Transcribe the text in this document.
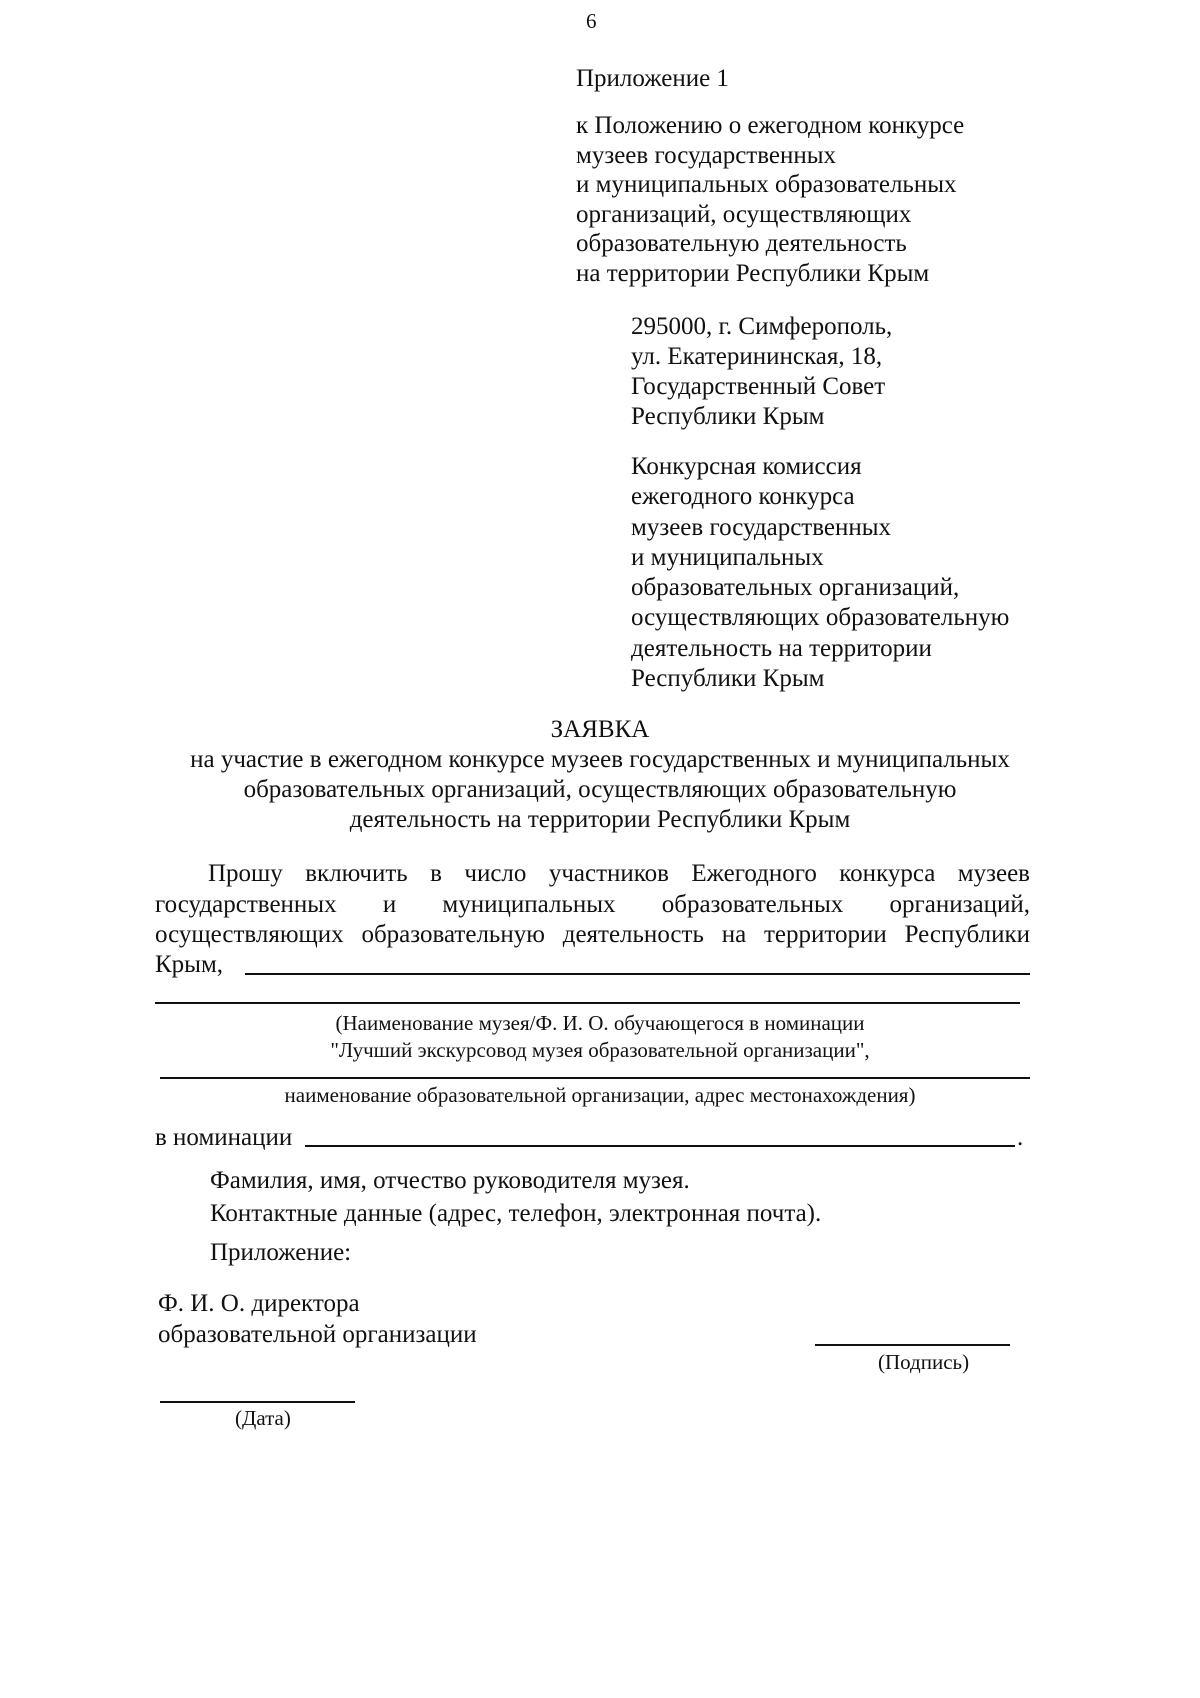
6
Приложение 1
к Положению о ежегодном конкурсе
музеев государственных
и муниципальных образовательных
организаций, осуществляющих
образовательную деятельность
на территории Республики Крым
295000, г. Симферополь,
ул. Екатерининская, 18,
Государственный Совет
Республики Крым
Конкурсная комиссия
ежегодного конкурса
музеев государственных
и муниципальных
образовательных организаций,
осуществляющих образовательную
деятельность на территории
Республики Крым
ЗАЯВКА
на участие в ежегодном конкурсе музеев государственных и муниципальных
образовательных организаций, осуществляющих образовательную
деятельность на территории Республики Крым
Прошу включить в число участников Ежегодного конкурса музеев
государственных и муниципальных образовательных организаций,
осуществляющих образовательную деятельность на территории Республики
Крым,
(Наименование музея/Ф. И. О. обучающегося в номинации
"Лучший экскурсовод музея образовательной организации",
наименование образовательной организации, адрес местонахождения)
в номинации	.
Фамилия, имя, отчество руководителя музея.
Контактные данные (адрес, телефон, электронная почта).
Приложение:
Ф. И. О. директора
образовательной организации
(Подпись)
(Дата)
